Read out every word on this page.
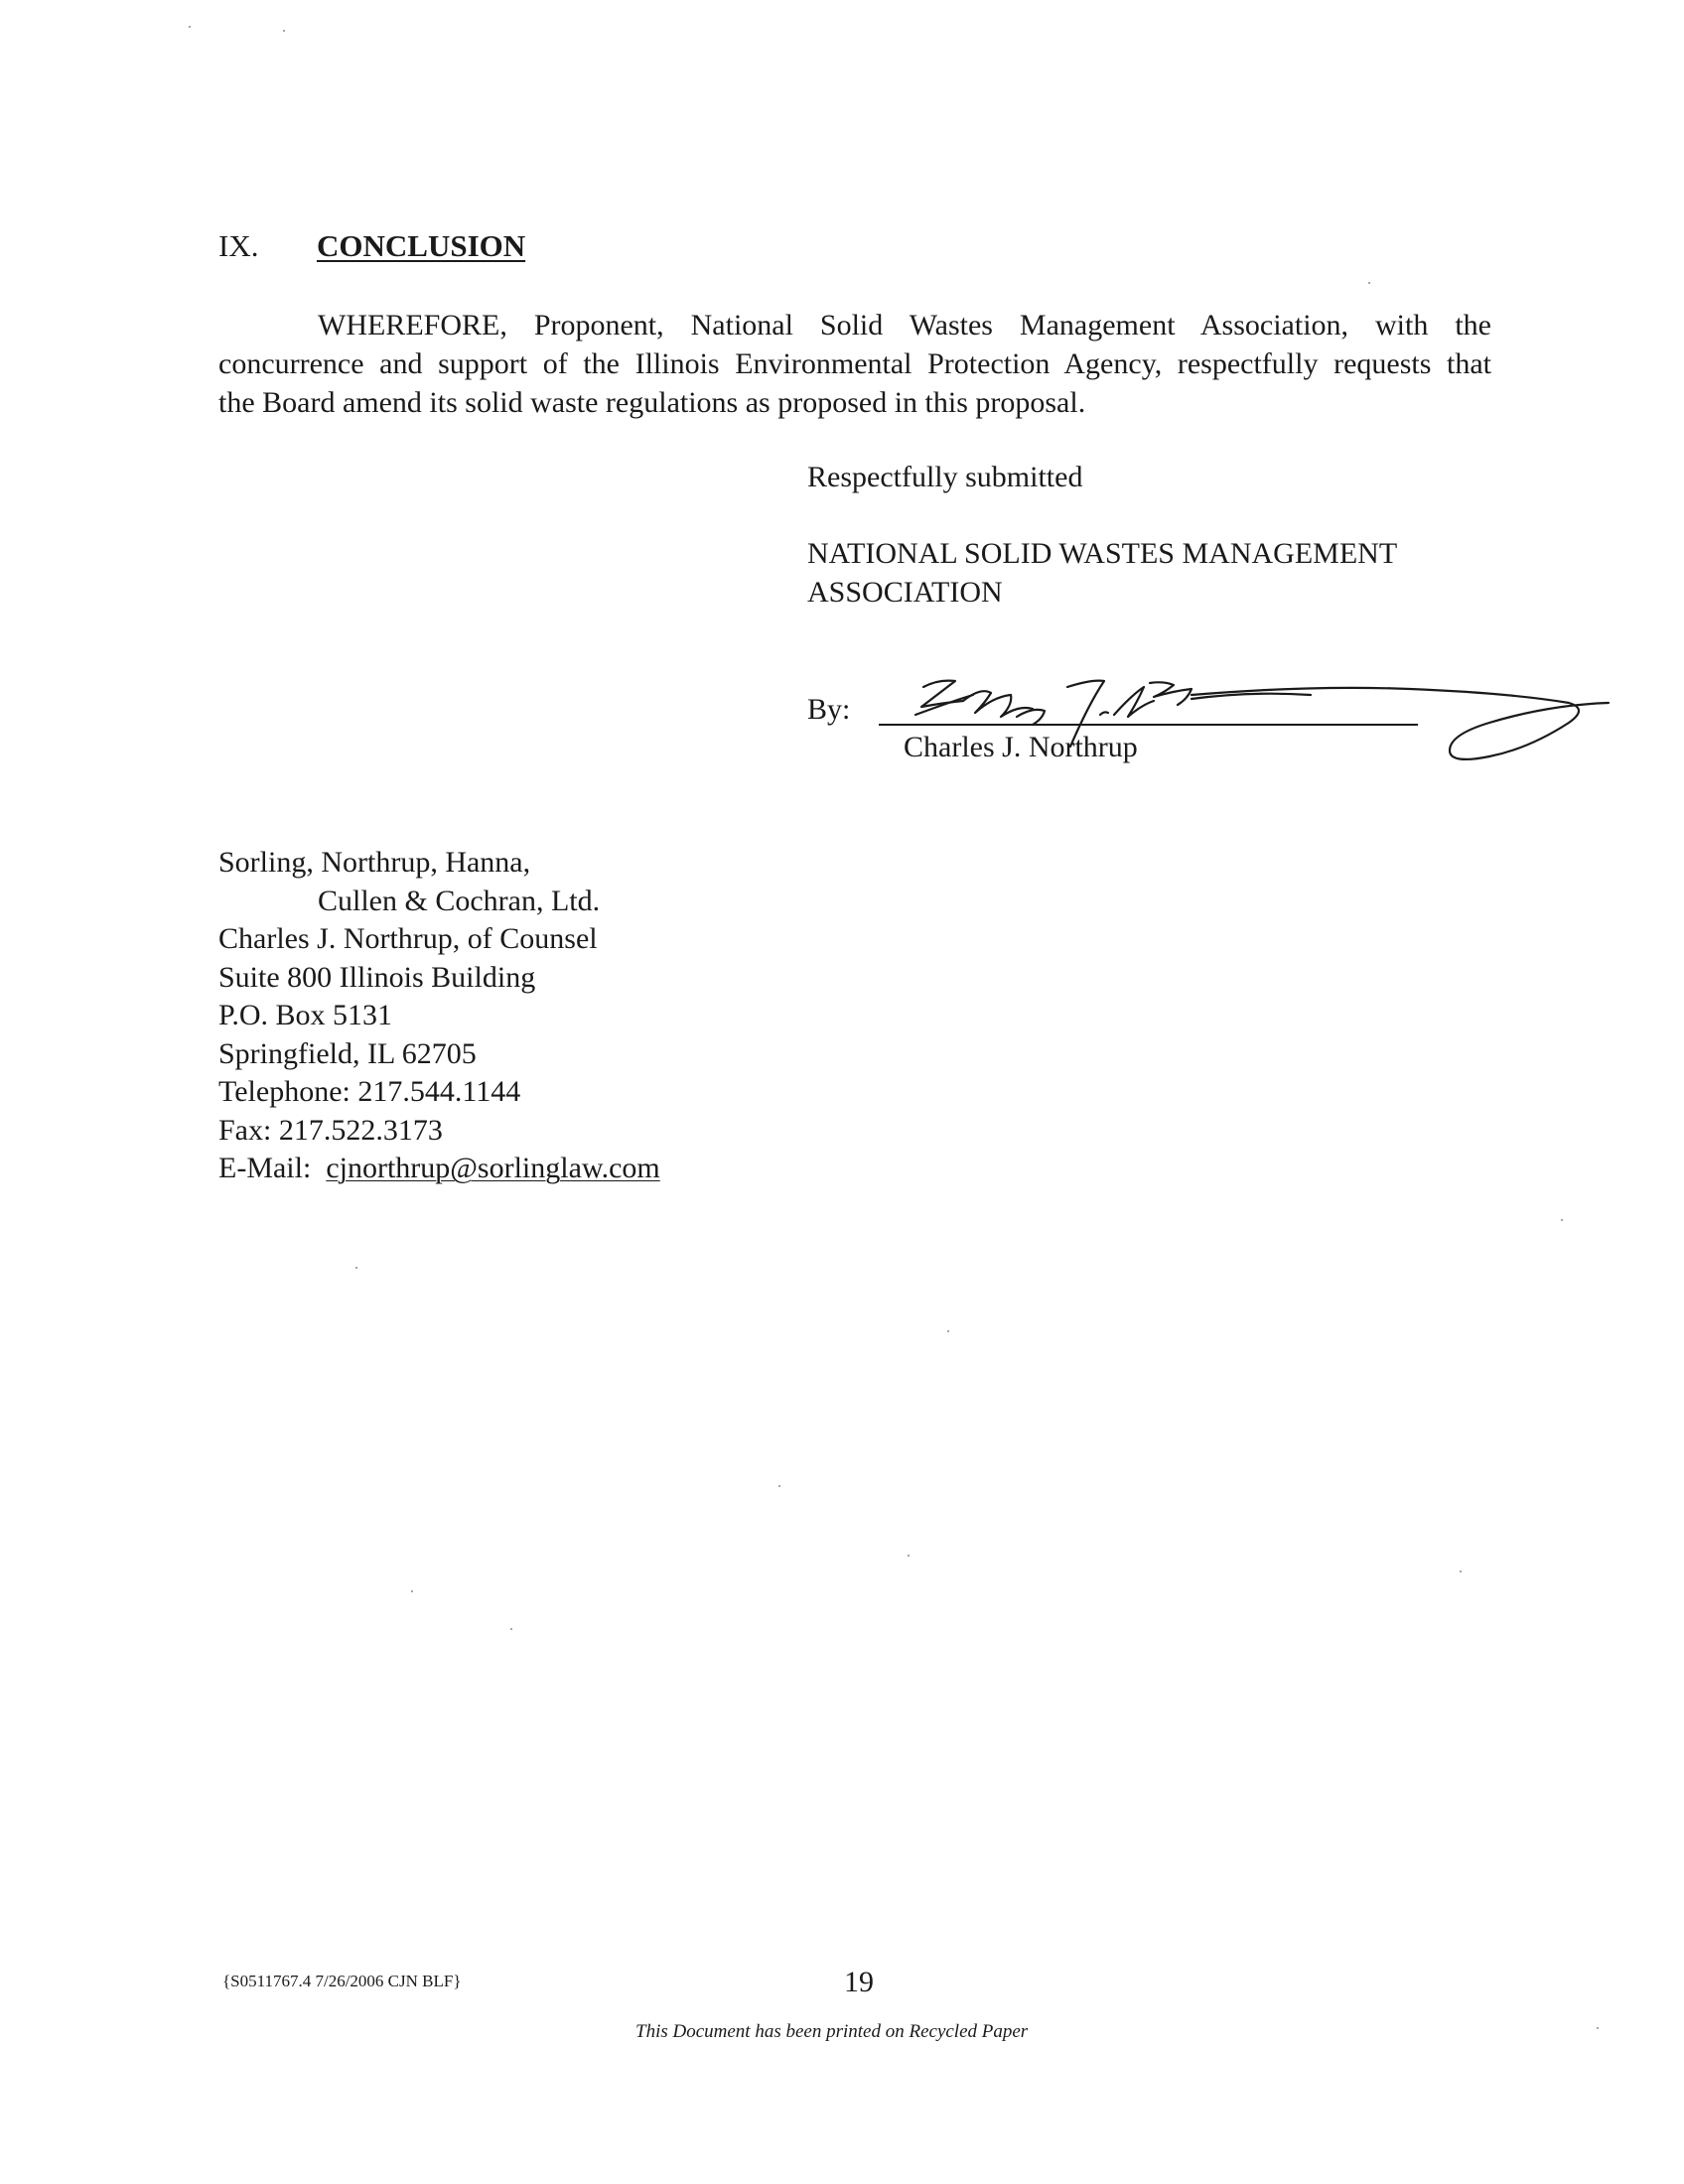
IX. CONCLUSION
WHEREFORE, Proponent, National Solid Wastes Management Association, with the
concurrence and support of the Illinois Environmental Protection Agency, respectfully requests that
the Board amend its solid waste regulations as proposed in this proposal.
Respectfully submitted
NATIONAL SOLID WASTES MANAGEMENT
ASSOCIATION
By:
Charles J. Northrup
Sorling, Northrup, Hanna,
Cullen & Cochran, Ltd.
Charles J. Northrup, of Counsel
Suite 800 Illinois Building
P.O. Box 5131
Springfield, IL 62705
Telephone: 217.544.1144
Fax: 217.522.3173
E-Mail: cjnorthrup@sorlinglaw.com
{S0511767.4 7/26/2006 CJN BLF}	19
This Document has been printed on Recycled Paper
